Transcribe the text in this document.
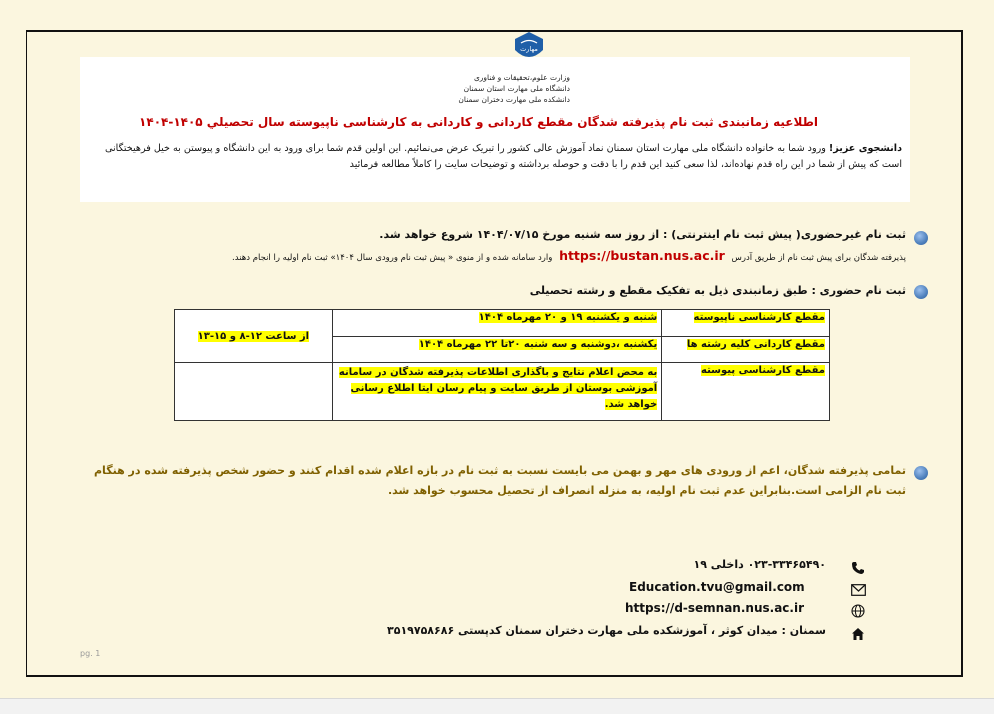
مهارت
وزارت علوم،تحقیقات و فناوری
دانشگاه ملی مهارت استان سمنان
دانشکده ملی مهارت دختران سمنان
اطلاعیه زمانبندی ثبت نام پذیرفته شدگان مقطع کاردانی و کاردانی به کارشناسی ناپیوسته سال تحصیلي ۱۴۰۵-۱۴۰۴
دانشجوی عزیز! ورود شما به خانواده دانشگاه ملی مهارت استان سمنان نماد آموزش عالی کشور را تبریک عرض می‌نمائیم. این اولین قدم شما برای ورود به این دانشگاه و پیوستن به خیل فرهیختگانی است که پیش از شما در این راه قدم نهاده‌اند، لذا سعی کنید این قدم را با دقت و حوصله برداشته و توضیحات سایت را کاملاً مطالعه فرمائید
ثبت نام غیرحضوری( پیش ثبت نام اینترنتی) : از روز سه شنبه مورخ ۱۴۰۴/۰۷/۱۵ شروع خواهد شد.
پذیرفته شدگان برای پیش ثبت نام از طریق آدرس https://bustan.nus.ac.ir وارد سامانه شده و از منوی « پیش ثبت نام ورودی سال ۱۴۰۴» ثبت نام اولیه را انجام دهند.
ثبت نام حضوری : طبق زمانبندی ذیل به تفکیک مقطع و رشته تحصیلی
مقطع کارشناسی ناپیوسته	شنبه و یکشنبه ۱۹ و ۲۰ مهرماه ۱۴۰۴	از ساعت ۱۲-۸ و ۱۵-۱۳
مقطع کاردانی کلیه رشته ها	یکشنبه ،دوشنبه و سه شنبه ۲۰تا ۲۲ مهرماه ۱۴۰۴	
مقطع کارشناسی پیوسته	به محض اعلام نتایج و باگذاری اطلاعات پذیرفته شدگان در سامانه آموزشی بوستان از طریق سایت و پیام رسان ایتا اطلاع رسانی خواهد شد.	
تمامی پذیرفته شدگان، اعم از ورودی های مهر و بهمن می بایست نسبت به ثبت نام در بازه اعلام شده اقدام کنند و حضور شخص پذیرفته شده در هنگام ثبت نام الزامی است.بنابراین عدم ثبت نام اولیه، به منزله انصراف از تحصیل محسوب خواهد شد.
۰۲۳-۳۳۴۶۵۴۹۰ داخلی ۱۹
Education.tvu@gmail.com
https://d-semnan.nus.ac.ir
سمنان : میدان کوثر ، آموزشکده ملی مهارت دختران سمنان کدپستی ۳۵۱۹۷۵۸۶۸۶
pg. 1
